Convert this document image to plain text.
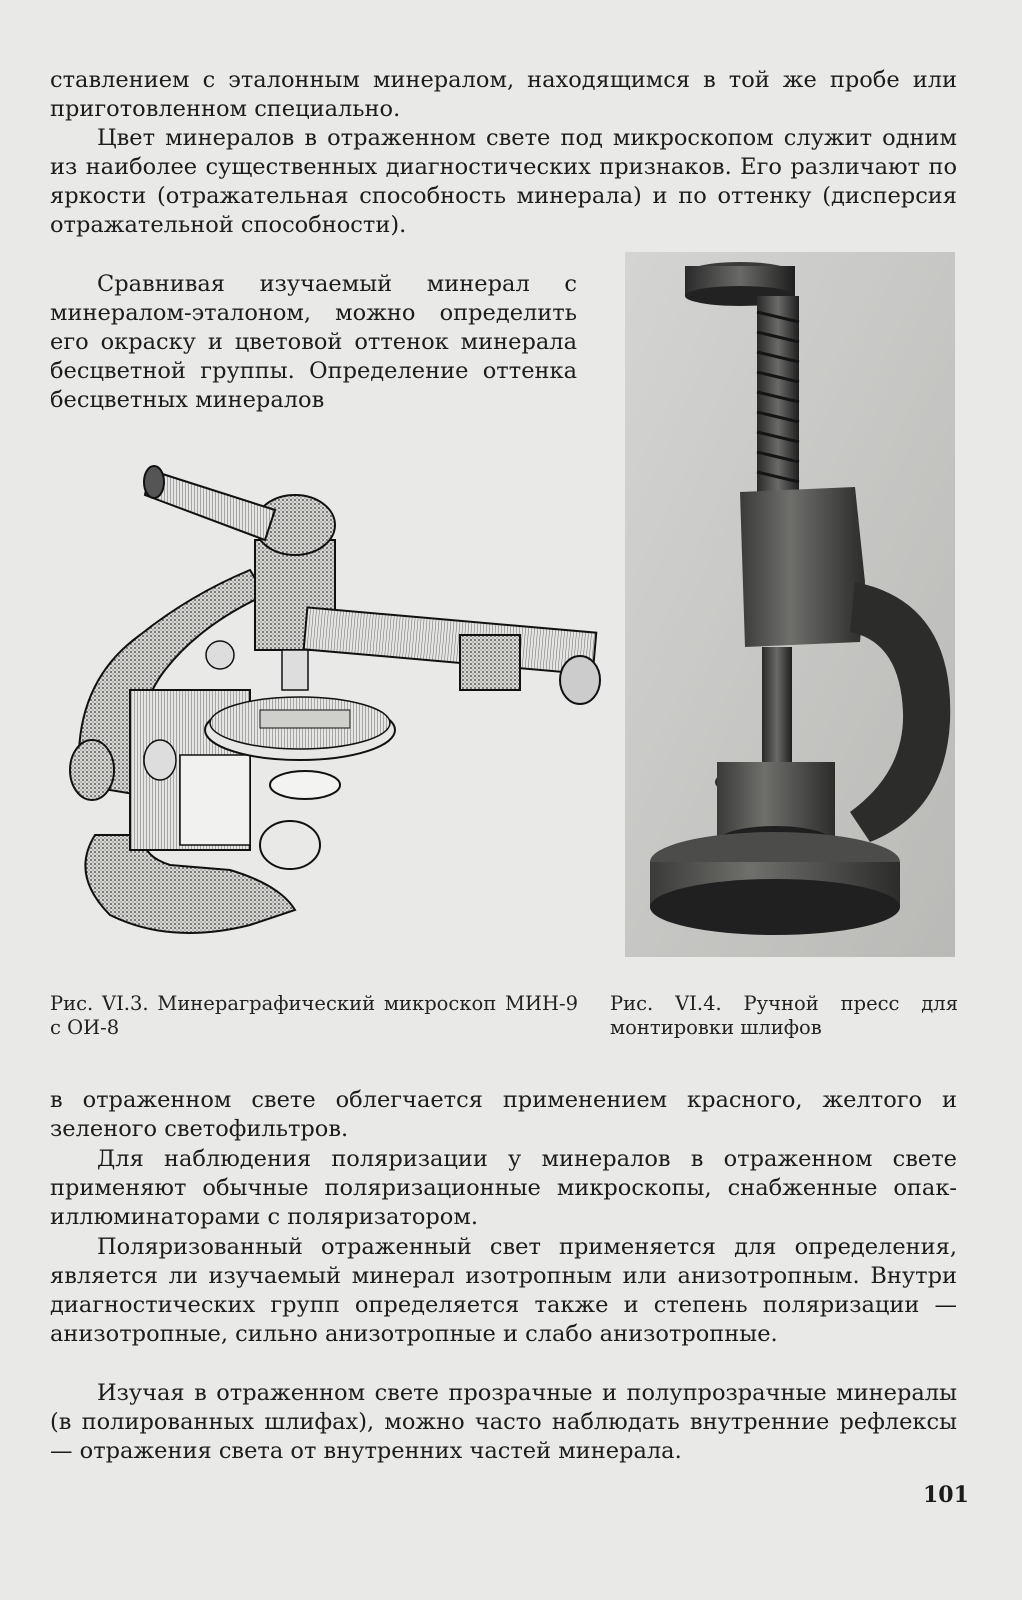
ставлением с эталонным минералом, находящимся в той же пробе или приготовленном специально.

Цвет минералов в отраженном свете под микроскопом служит одним из наиболее существенных диагностических признаков. Его различают по яркости (отражательная способность минерала) и по оттенку (дисперсия отражательной способности).

Сравнивая изучаемый минерал с минералом-эталоном, можно определить его окраску и цветовой оттенок минерала бесцветной группы. Определение оттенка бесцветных минералов

Рис. VI.3. Минераграфический микроскоп МИН-9 с ОИ-8

Рис. VI.4. Ручной пресс для монтировки шлифов

в отраженном свете облегчается применением красного, желтого и зеленого светофильтров.

Для наблюдения поляризации у минералов в отраженном свете применяют обычные поляризационные микроскопы, снабженные опак-иллюминаторами с поляризатором.

Поляризованный отраженный свет применяется для определения, является ли изучаемый минерал изотропным или анизотропным. Внутри диагностических групп определяется также и степень поляризации — анизотропные, сильно анизотропные и слабо анизотропные.

Изучая в отраженном свете прозрачные и полупрозрачные минералы (в полированных шлифах), можно часто наблюдать внутренние рефлексы — отражения света от внутренних частей минерала.

101
